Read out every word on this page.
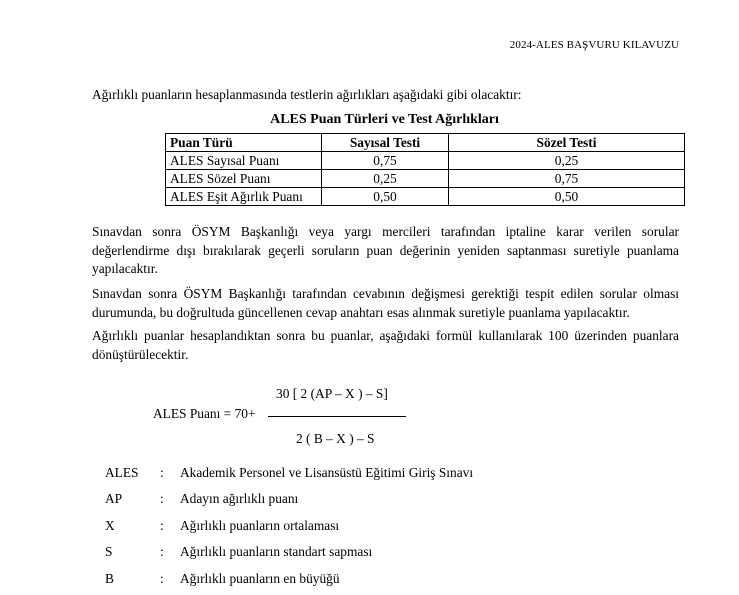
2024-ALES BAŞVURU KILAVUZU
Ağırlıklı puanların hesaplanmasında testlerin ağırlıkları aşağıdaki gibi olacaktır:
ALES Puan Türleri ve Test Ağırlıkları
Puan Türü	Sayısal Testi	Sözel Testi
ALES Sayısal Puanı	0,75	0,25
ALES Sözel Puanı	0,25	0,75
ALES Eşit Ağırlık Puanı	0,50	0,50

Sınavdan sonra ÖSYM Başkanlığı veya yargı mercileri tarafından iptaline karar verilen sorular değerlendirme dışı bırakılarak geçerli soruların puan değerinin yeniden saptanması suretiyle puanlama yapılacaktır.

Sınavdan sonra ÖSYM Başkanlığı tarafından cevabının değişmesi gerektiği tespit edilen sorular olması durumunda, bu doğrultuda güncellenen cevap anahtarı esas alınmak suretiyle puanlama yapılacaktır.

Ağırlıklı puanlar hesaplandıktan sonra bu puanlar, aşağıdaki formül kullanılarak 100 üzerinden puanlara dönüştürülecektir.

ALES Puanı = 70+
30 [ 2 (AP – X ) – S]
2 ( B – X ) – S
ALES : Akademik Personel ve Lisansüstü Eğitimi Giriş Sınavı
AP	: Adayın ağırlıklı puanı
X	: Ağırlıklı puanların ortalaması
S	: Ağırlıklı puanların standart sapması
B	: Ağırlıklı puanların en büyüğü
